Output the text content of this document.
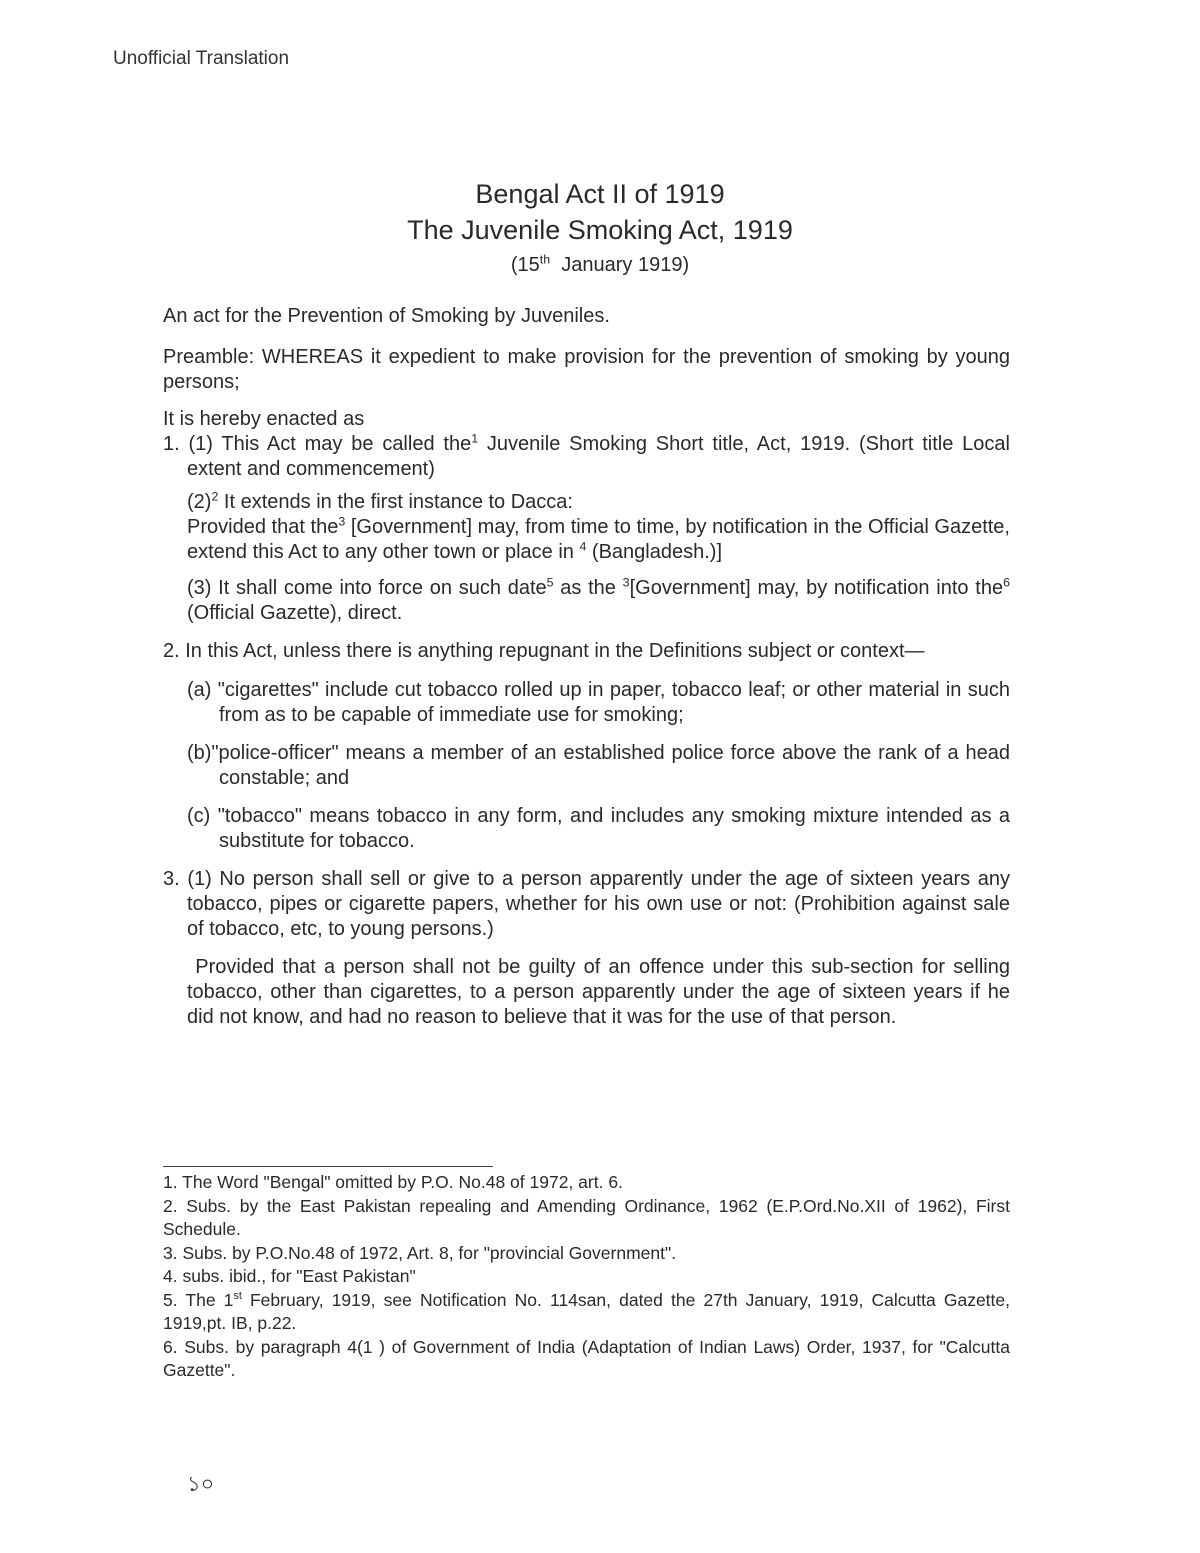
Unofficial Translation
Bengal Act II of 1919
The Juvenile Smoking Act, 1919
(15th  January 1919)

An act for the Prevention of Smoking by Juveniles.

Preamble: WHEREAS it expedient to make provision for the prevention of smoking by young persons;

It is hereby enacted as

1. (1) This Act may be called the$^1$ Juvenile Smoking Short title, Act, 1919. (Short title Local extent and commencement)

$(2)^2$ It extends in the first instance to Dacca:

Provided that the$^3$ [Government] may, from time to time, by notification in the Official Gazette, extend this Act to any other town or place in $^4$ (Bangladesh.)]

(3) It shall come into force on such date$^5$ as the $^3$[Government] may, by notification into the$^6$ (Official Gazette), direct.

2. In this Act, unless there is anything repugnant in the Definitions subject or context—

(a) "cigarettes" include cut tobacco rolled up in paper, tobacco leaf; or other material in such from as to be capable of immediate use for smoking;

(b)"police-officer" means a member of an established police force above the rank of a head constable; and

(c) "tobacco" means tobacco in any form, and includes any smoking mixture intended as a substitute for tobacco.

3. (1) No person shall sell or give to a person apparently under the age of sixteen years any tobacco, pipes or cigarette papers, whether for his own use or not: (Prohibition against sale of tobacco, etc, to young persons.)

Provided that a person shall not be guilty of an offence under this sub-section for selling tobacco, other than cigarettes, to a person apparently under the age of sixteen years if he did not know, and had no reason to believe that it was for the use of that person.

1. The Word "Bengal" omitted by P.O. No.48 of 1972, art. 6.

2. Subs. by the East Pakistan repealing and Amending Ordinance, 1962 (E.P.Ord.No.XII of 1962), First Schedule.

3. Subs. by P.O.No.48 of 1972, Art. 8, for "provincial Government".

4. subs. ibid., for "East Pakistan"

5. The 1st February, 1919, see Notification No. 114san, dated the 27th January, 1919, Calcutta Gazette, 1919,pt. IB, p.22.

6. Subs. by paragraph 4(1 ) of Government of India (Adaptation of Indian Laws) Order, 1937, for "Calcutta Gazette".

১০
